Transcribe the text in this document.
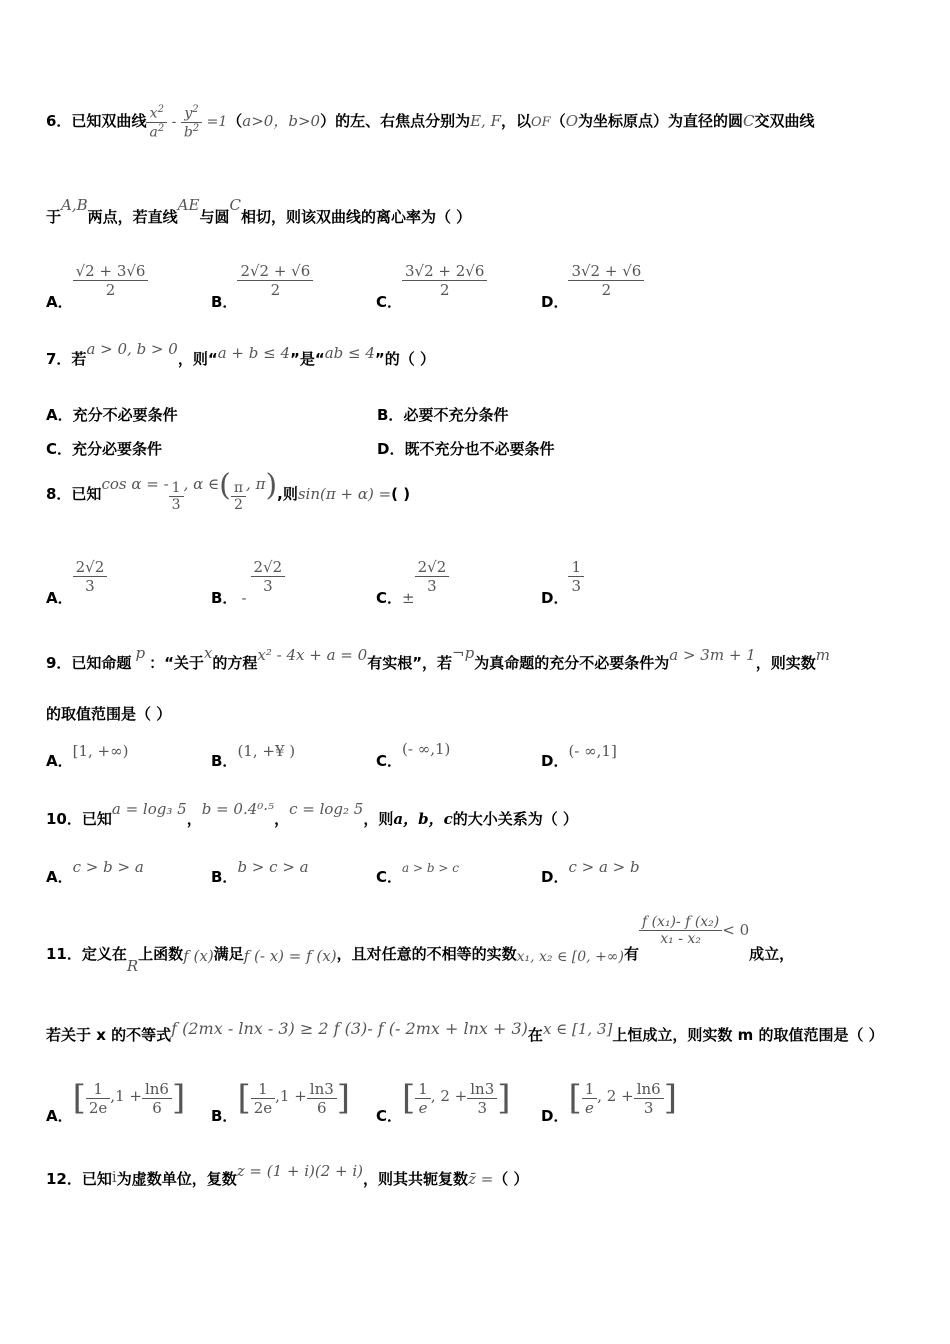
6．已知双曲线 $\frac{x^2}{a^2} - \frac{y^2}{b^2} =1(a>0$，b>0）的左、右焦点分别为E, F，以OF（O为坐标原点）为直径的圆C交双曲线
于A,B两点，若直线AE与圆C相切，则该双曲线的离心率为（ ）
A．
$\frac{√2 + 3√6}{2}$
B．
$\frac{2√2 + √6}{2}$
C．
$\frac{3√2 + 2√6}{2}$
D．
$\frac{3√2 + √6}{2}$
7．若a > 0, b > 0，则“a + b ≤ 4”是“ab ≤ 4”的（ ）
A．充分不必要条件	B．必要不充分条件
C．充分必要条件	D．既不充分也不必要条件
8．已知cos α = - $\frac{1}{3}$ , α ∈( $\frac{\pi}{2}$ , π),则sin(π + α) =( )
A．
$\frac{2√2}{3}$
B． -
$\frac{2√2}{3}$
C．±
$\frac{2√2}{3}$
D．
$\frac{1}{3}$
9．已知命题p：“关于x的方程x² - 4x + a = 0有实根”，若¬p为真命题的充分不必要条件为a > 3m + 1，则实数m
的取值范围是（ ）
A．[1, +∞)
B．(1, +¥ )
C．(- ∞,1)
D．(- ∞,1]
10．已知a = log₃ 5，b = 0.4⁰·⁵，c = log₂ 5，则a，b，c的大小关系为（ ）
A．c > b > a
B．b > c > a
C．$^{a > b > c}$	D．c > a > b
11．定义在R上函数f (x)满足f (- x) = f (x)，且对任意的不相等的实数x₁, x₂ ∈ [0, +∞)有
$\frac{\text{f (x₁)- f (x₂)}}{\text{x₁ - x₂}} < 0$成立，
若关于 x 的不等式f (2mx - lnx - 3) ≥ 2 f (3)- f (- 2mx + lnx + 3)在x ∈ [1, 3]上恒成立，则实数 m 的取值范围是（ ）
A．[ $\frac{1}{2e} ,1 + \frac{\ln 6}{6}$ ] B．[ $\frac{1}{2e} ,1 + \frac{\ln 3}{6}$ ] C．[ $\frac{1}{e}$ , $2 + \frac{\ln 3}{3}$ ] D．[ $\frac{1}{e}$ , $2 + \frac{\ln 6}{3}$ ]
12．已知i为虚数单位，复数z = (1 + i)(2 + i)，则其共轭复数z̄ =（ ）
